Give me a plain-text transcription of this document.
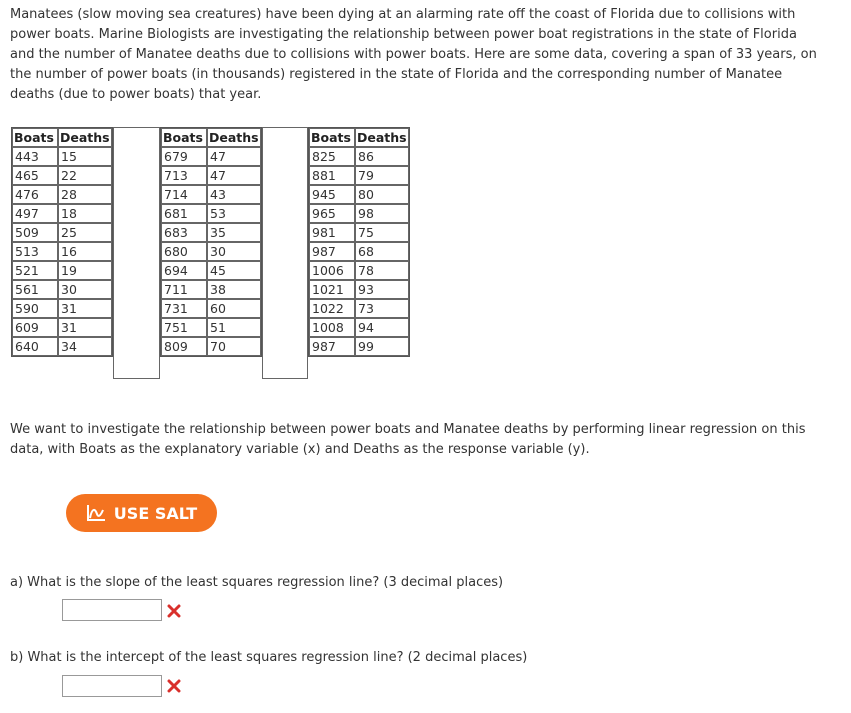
Manatees (slow moving sea creatures) have been dying at an alarming rate off the coast of Florida due to collisions with power boats. Marine Biologists are investigating the relationship between power boat registrations in the state of Florida and the number of Manatee deaths due to collisions with power boats. Here are some data, covering a span of 33 years, on the number of power boats (in thousands) registered in the state of Florida and the corresponding number of Manatee deaths (due to power boats) that year.

Boats	Deaths
443	15
465	22
476	28
497	18
509	25
513	16
521	19
561	30
590	31
609	31
640	34
Boats	Deaths
679	47
713	47
714	43
681	53
683	35
680	30
694	45
711	38
731	60
751	51
809	70
Boats	Deaths
825	86
881	79
945	80
965	98
981	75
987	68
1006	78
1021	93
1022	73
1008	94
987	99

We want to investigate the relationship between power boats and Manatee deaths by performing linear regression on this data, with Boats as the explanatory variable (x) and Deaths as the response variable (y).

USE SALT

a) What is the slope of the least squares regression line? (3 decimal places)

b) What is the intercept of the least squares regression line? (2 decimal places)
